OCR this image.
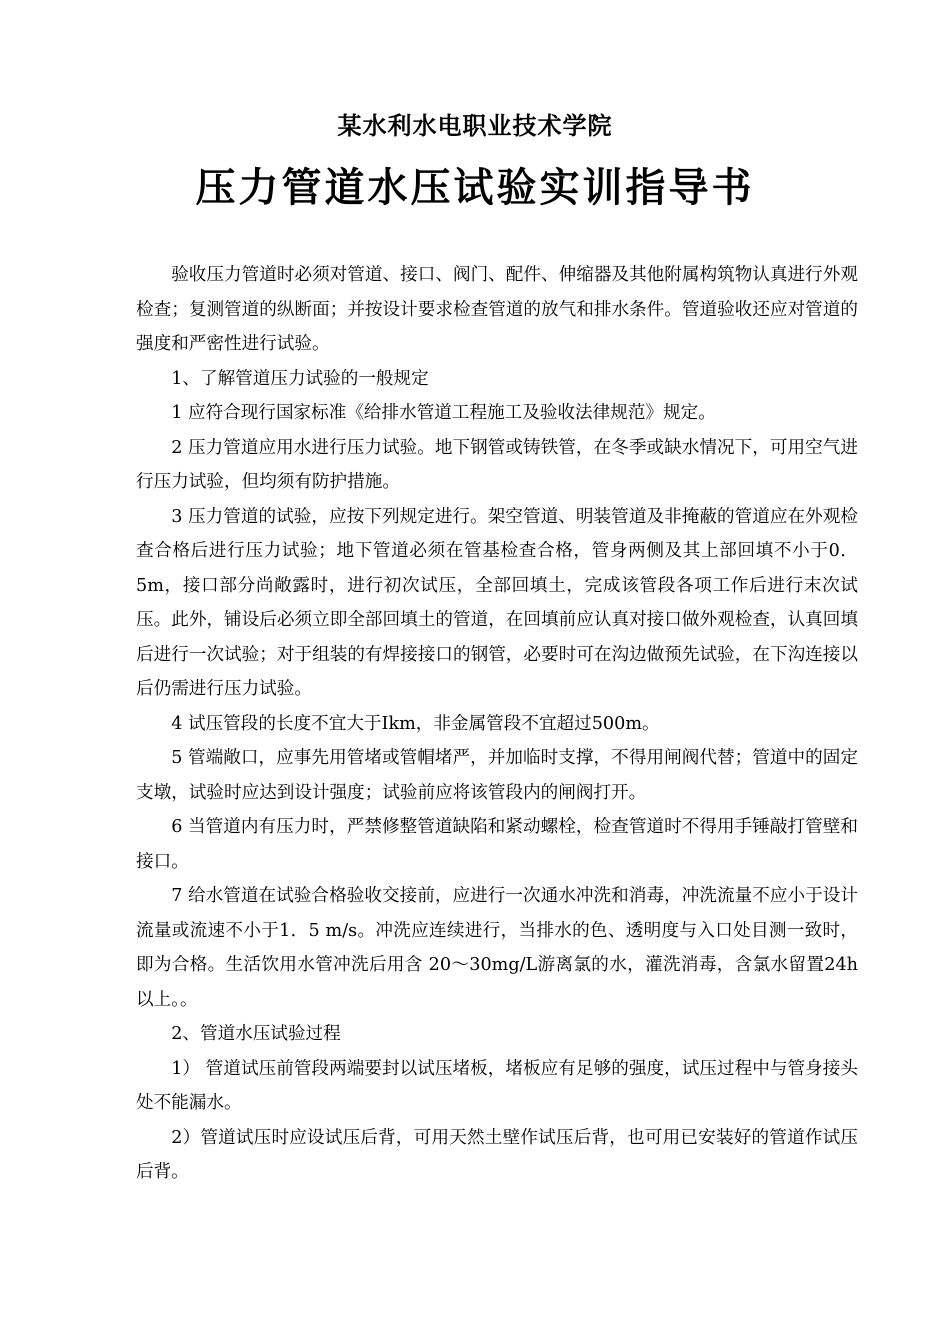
某水利水电职业技术学院
压力管道水压试验实训指导书

验收压力管道时必须对管道、接口、阀门、配件、伸缩器及其他附属构筑物认真进行外观检查；复测管道的纵断面；并按设计要求检查管道的放气和排水条件。管道验收还应对管道的强度和严密性进行试验。

1、了解管道压力试验的一般规定

1 应符合现行国家标准《给排水管道工程施工及验收法律规范》规定。

2 压力管道应用水进行压力试验。地下钢管或铸铁管，在冬季或缺水情况下，可用空气进行压力试验，但均须有防护措施。

3 压力管道的试验，应按下列规定进行。架空管道、明装管道及非掩蔽的管道应在外观检查合格后进行压力试验；地下管道必须在管基检查合格，管身两侧及其上部回填不小于0．5m，接口部分尚敞露时，进行初次试压，全部回填土，完成该管段各项工作后进行末次试压。此外，铺设后必须立即全部回填土的管道，在回填前应认真对接口做外观检查，认真回填后进行一次试验；对于组装的有焊接接口的钢管，必要时可在沟边做预先试验，在下沟连接以后仍需进行压力试验。

4 试压管段的长度不宜大于Ikm，非金属管段不宜超过500m。

5 管端敞口，应事先用管堵或管帽堵严，并加临时支撑，不得用闸阀代替；管道中的固定支墩，试验时应达到设计强度；试验前应将该管段内的闸阀打开。

6 当管道内有压力时，严禁修整管道缺陷和紧动螺栓，检查管道时不得用手锤敲打管壁和接口。

7 给水管道在试验合格验收交接前，应进行一次通水冲洗和消毒，冲洗流量不应小于设计流量或流速不小于1．5 m/s。冲洗应连续进行，当排水的色、透明度与入口处目测一致时，即为合格。生活饮用水管冲洗后用含 20～30mg/L游离氯的水，灌洗消毒，含氯水留置24h以上。。

2、管道水压试验过程

1） 管道试压前管段两端要封以试压堵板，堵板应有足够的强度，试压过程中与管身接头处不能漏水。

2）管道试压时应设试压后背，可用天然土壁作试压后背，也可用已安装好的管道作试压后背。
